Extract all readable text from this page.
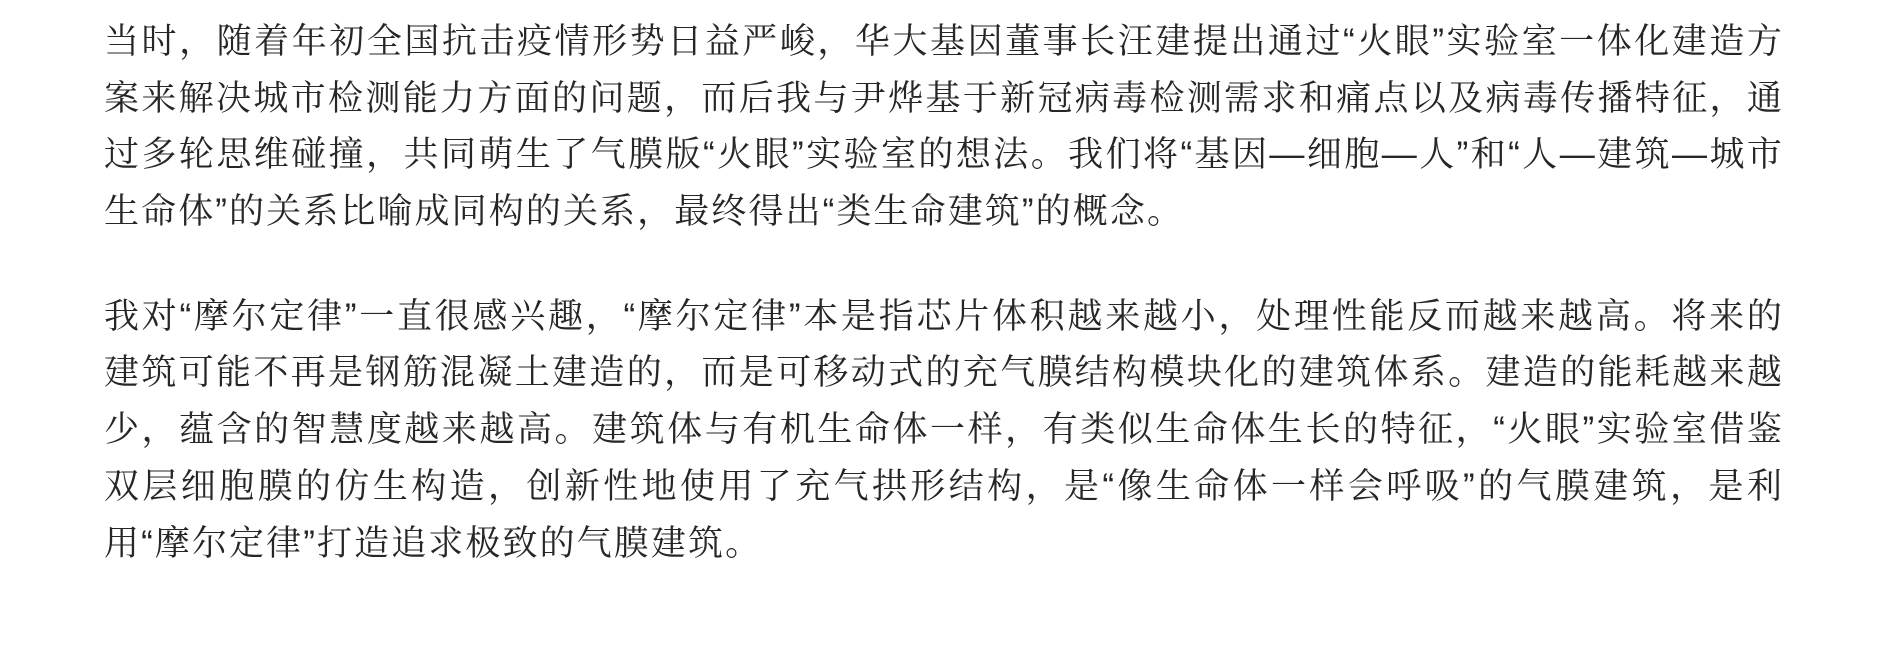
当时，随着年初全国抗击疫情形势日益严峻，华大基因董事长汪建提出通过“火眼”实验室一体化建造方案来解决城市检测能力方面的问题，而后我与尹烨基于新冠病毒检测需求和痛点以及病毒传播特征，通过多轮思维碰撞，共同萌生了气膜版“火眼”实验室的想法。我们将“基因—细胞—人”和“人—建筑—城市生命体”的关系比喻成同构的关系，最终得出“类生命建筑”的概念。

我对“摩尔定律”一直很感兴趣，“摩尔定律”本是指芯片体积越来越小，处理性能反而越来越高。将来的建筑可能不再是钢筋混凝土建造的，而是可移动式的充气膜结构模块化的建筑体系。建造的能耗越来越少，蕴含的智慧度越来越高。建筑体与有机生命体一样，有类似生命体生长的特征，“火眼”实验室借鉴双层细胞膜的仿生构造，创新性地使用了充气拱形结构，是“像生命体一样会呼吸”的气膜建筑，是利用“摩尔定律”打造追求极致的气膜建筑。
